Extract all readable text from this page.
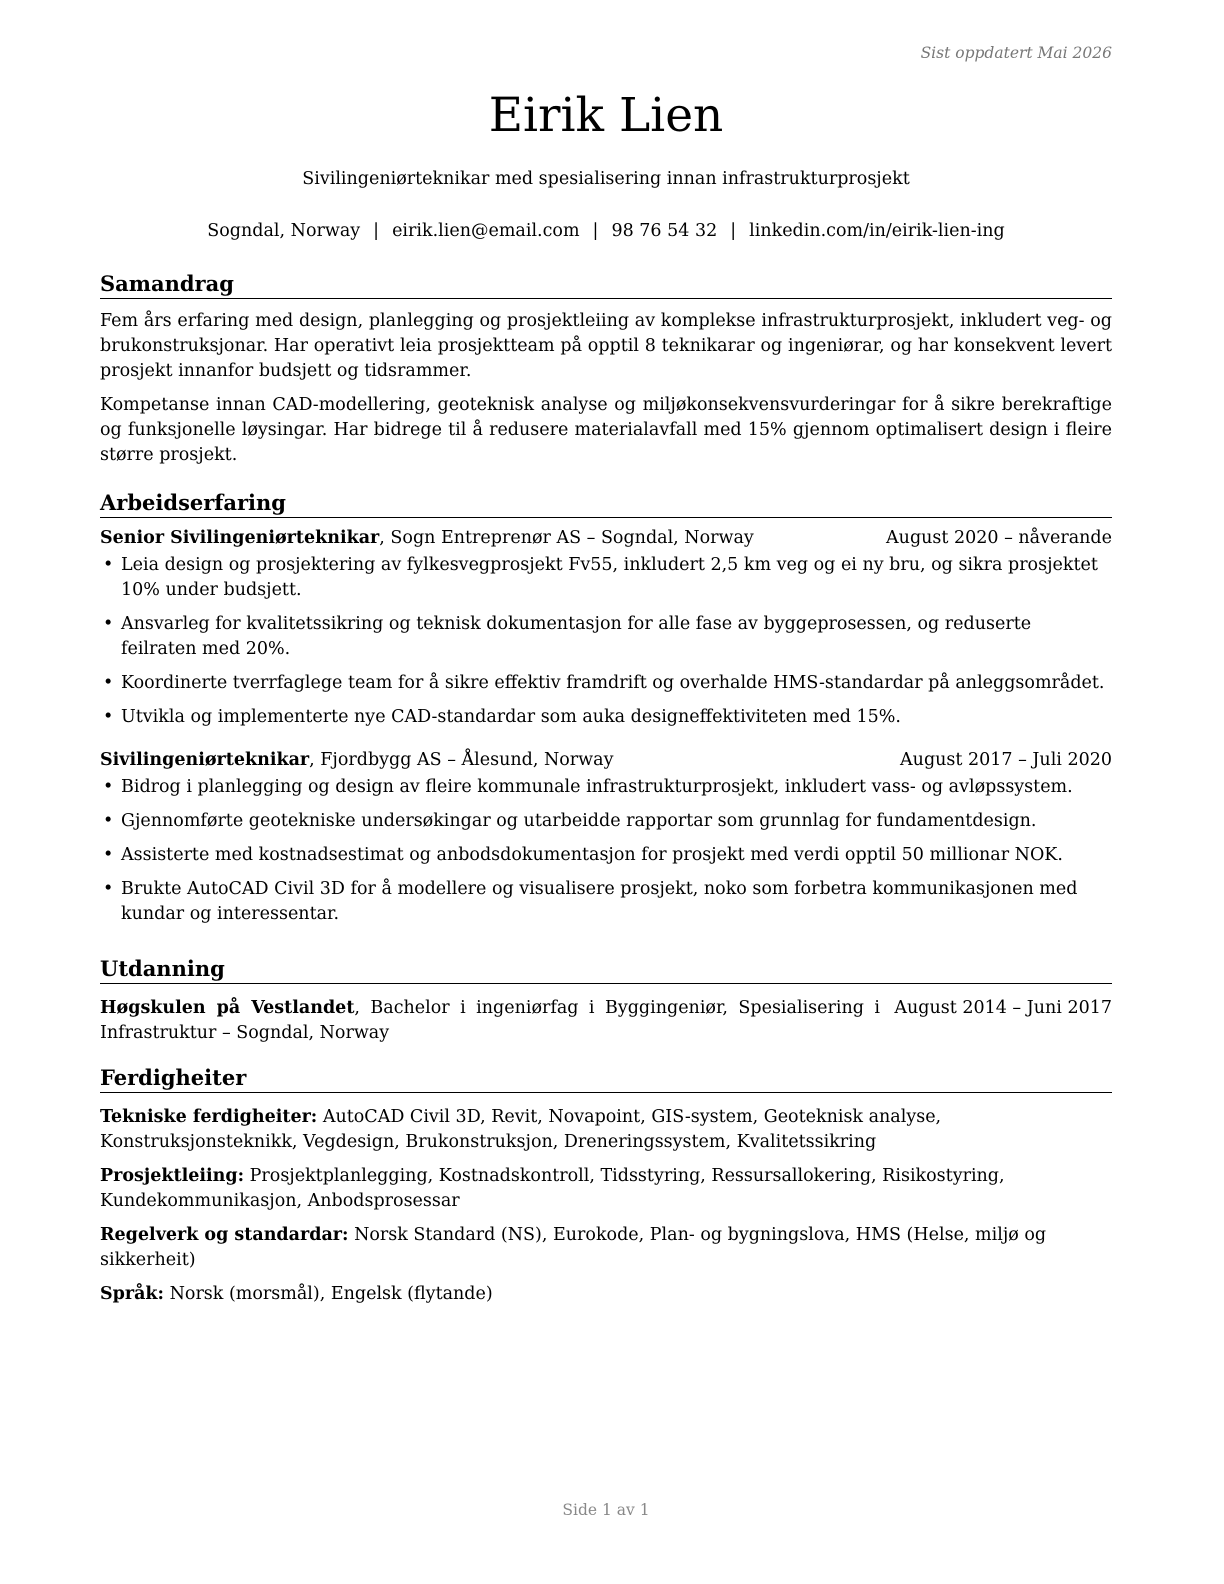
Sist oppdatert Mai 2026
Eirik Lien
Sivilingeniørteknikar med spesialisering innan infrastrukturprosjekt
Sogndal, Norway | eirik.lien@email.com | 98 76 54 32 | linkedin.com/in/eirik-lien-ing
Samandrag

Fem års erfaring med design, planlegging og prosjektleiing av komplekse infrastrukturprosjekt, inkludert veg- og brukonstruksjonar. Har operativt leia prosjektteam på opptil 8 teknikarar og ingeniørar, og har konsekvent levert prosjekt innanfor budsjett og tidsrammer.

Kompetanse innan CAD-modellering, geoteknisk analyse og miljøkonsekvensvurderingar for å sikre berekraftige og funksjonelle løysingar. Har bidrege til å redusere materialavfall med 15% gjennom optimalisert design i fleire større prosjekt.

Arbeidserfaring
Senior Sivilingeniørteknikar, Sogn Entreprenør AS – Sogndal, Norway	August 2020 – nåverande
• Leia design og prosjektering av fylkesvegprosjekt Fv55, inkludert 2,5 km veg og ei ny bru, og sikra prosjektet 10% under budsjett.
• Ansvarleg for kvalitetssikring og teknisk dokumentasjon for alle fase av byggeprosessen, og reduserte feilraten med 20%.
• Koordinerte tverrfaglege team for å sikre effektiv framdrift og overhalde HMS-standardar på anleggsområdet.
• Utvikla og implementerte nye CAD-standardar som auka designeffektiviteten med 15%.
Sivilingeniørteknikar, Fjordbygg AS – Ålesund, Norway	August 2017 – Juli 2020
• Bidrog i planlegging og design av fleire kommunale infrastrukturprosjekt, inkludert vass- og avløpssystem.
• Gjennomførte geotekniske undersøkingar og utarbeidde rapportar som grunnlag for fundamentdesign.
• Assisterte med kostnadsestimat og anbodsdokumentasjon for prosjekt med verdi opptil 50 millionar NOK.
• Brukte AutoCAD Civil 3D for å modellere og visualisere prosjekt, noko som forbetra kommunikasjonen med kundar og interessentar.
Utdanning
Høgskulen på Vestlandet, Bachelor i ingeniørfag i Byggingeniør, Spesialisering i Infrastruktur – Sogndal, Norway
August 2014 – Juni 2017
Ferdigheiter

Tekniske ferdigheiter: AutoCAD Civil 3D, Revit, Novapoint, GIS-system, Geoteknisk analyse, Konstruksjonsteknikk, Vegdesign, Brukonstruksjon, Dreneringssystem, Kvalitetssikring

Prosjektleiing: Prosjektplanlegging, Kostnadskontroll, Tidsstyring, Ressursallokering, Risikostyring, Kundekommunikasjon, Anbodsprosessar

Regelverk og standardar: Norsk Standard (NS), Eurokode, Plan- og bygningslova, HMS (Helse, miljø og sikkerheit)

Språk: Norsk (morsmål), Engelsk (flytande)

Side 1 av 1
